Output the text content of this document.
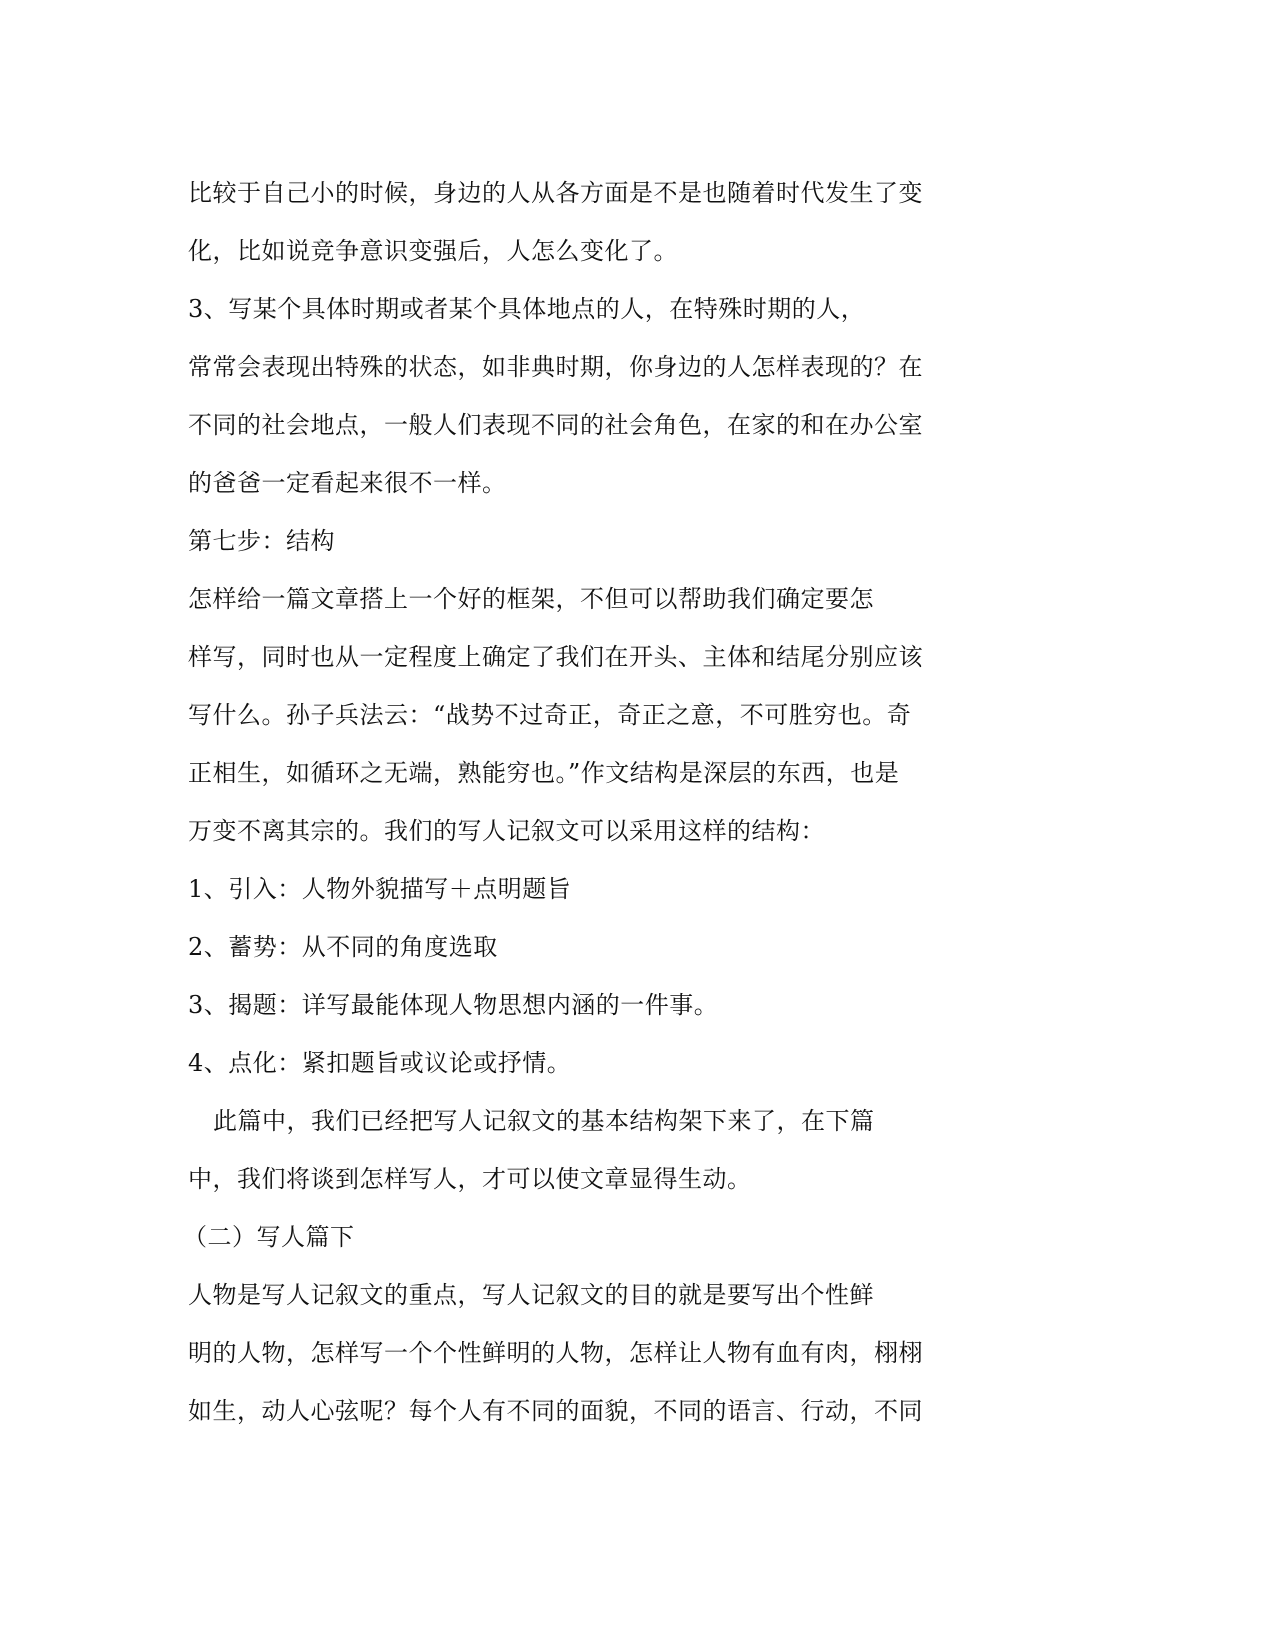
比较于自己小的时候，身边的人从各方面是不是也随着时代发生了变
化，比如说竞争意识变强后，人怎么变化了。
3、写某个具体时期或者某个具体地点的人，在特殊时期的人，
常常会表现出特殊的状态，如非典时期，你身边的人怎样表现的？在
不同的社会地点，一般人们表现不同的社会角色，在家的和在办公室
的爸爸一定看起来很不一样。
第七步：结构
怎样给一篇文章搭上一个好的框架，不但可以帮助我们确定要怎
样写，同时也从一定程度上确定了我们在开头、主体和结尾分别应该
写什么。孙子兵法云：“战势不过奇正，奇正之意，不可胜穷也。奇
正相生，如循环之无端，熟能穷也。”作文结构是深层的东西，也是
万变不离其宗的。我们的写人记叙文可以采用这样的结构：
1、引入：人物外貌描写＋点明题旨
2、蓄势：从不同的角度选取
3、揭题：详写最能体现人物思想内涵的一件事。
4、点化：紧扣题旨或议论或抒情。
此篇中，我们已经把写人记叙文的基本结构架下来了，在下篇
中，我们将谈到怎样写人，才可以使文章显得生动。
（二）写人篇下
人物是写人记叙文的重点，写人记叙文的目的就是要写出个性鲜
明的人物，怎样写一个个性鲜明的人物，怎样让人物有血有肉，栩栩
如生，动人心弦呢？每个人有不同的面貌，不同的语言、行动，不同
